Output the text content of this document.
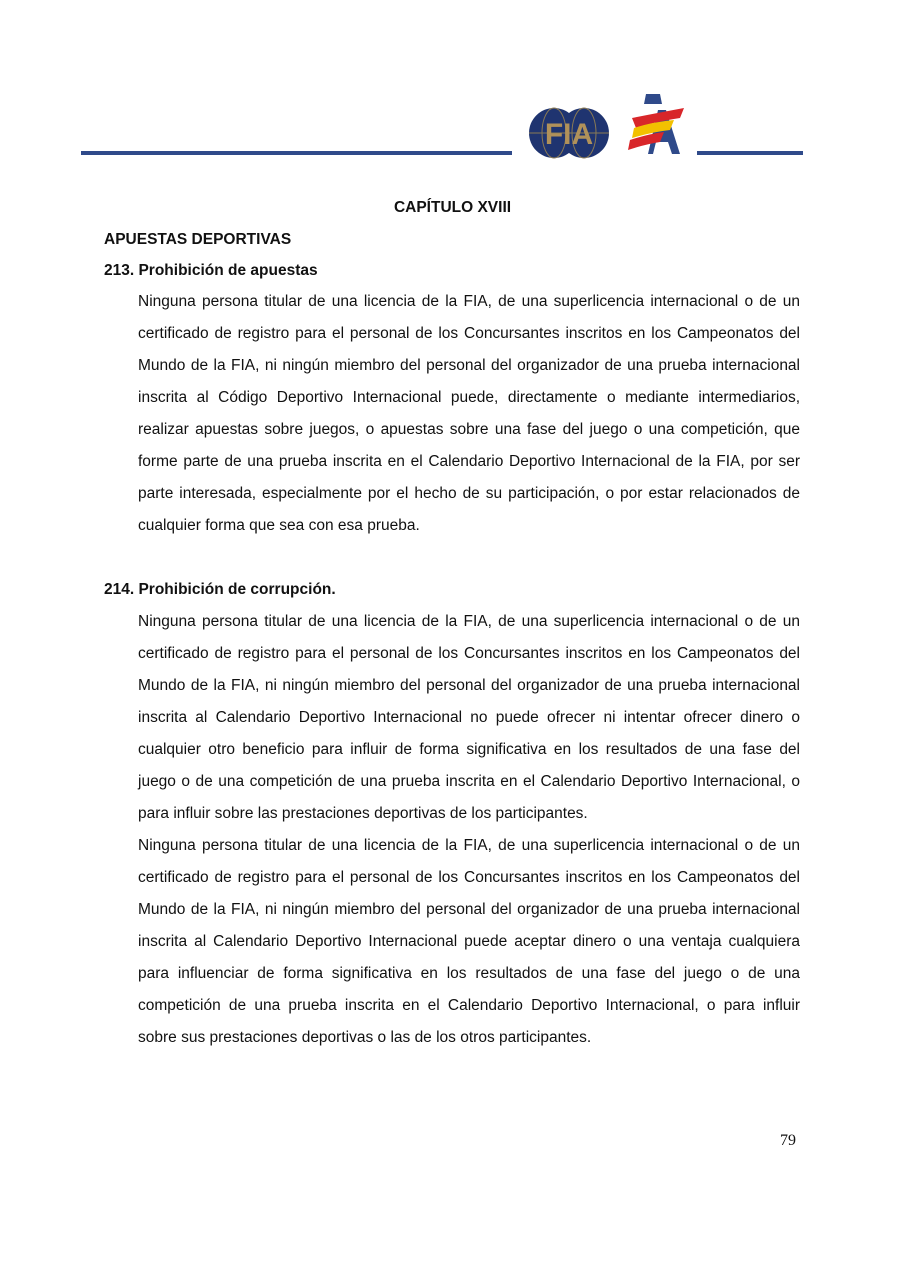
FIA
CAPÍTULO XVIII
APUESTAS DEPORTIVAS
213. Prohibición de apuestas
Ninguna persona titular de una licencia de la FIA, de una superlicencia internacional o de un
certificado de registro para el personal de los Concursantes inscritos en los Campeonatos del
Mundo de la FIA, ni ningún miembro del personal del organizador de una prueba internacional
inscrita al Código Deportivo Internacional puede, directamente o mediante intermediarios,
realizar apuestas sobre juegos, o apuestas sobre una fase del juego o una competición, que
forme parte de una prueba inscrita en el Calendario Deportivo Internacional de la FIA, por ser
parte interesada, especialmente por el hecho de su participación, o por estar relacionados de
cualquier forma que sea con esa prueba.
214. Prohibición de corrupción.
Ninguna persona titular de una licencia de la FIA, de una superlicencia internacional o de un
certificado de registro para el personal de los Concursantes inscritos en los Campeonatos del
Mundo de la FIA, ni ningún miembro del personal del organizador de una prueba internacional
inscrita al Calendario Deportivo Internacional no puede ofrecer ni intentar ofrecer dinero o
cualquier otro beneficio para influir de forma significativa en los resultados de una fase del
juego o de una competición de una prueba inscrita en el Calendario Deportivo Internacional, o
para influir sobre las prestaciones deportivas de los participantes.
Ninguna persona titular de una licencia de la FIA, de una superlicencia internacional o de un
certificado de registro para el personal de los Concursantes inscritos en los Campeonatos del
Mundo de la FIA, ni ningún miembro del personal del organizador de una prueba internacional
inscrita al Calendario Deportivo Internacional puede aceptar dinero o una ventaja cualquiera
para influenciar de forma significativa en los resultados de una fase del juego o de una
competición de una prueba inscrita en el Calendario Deportivo Internacional, o para influir
sobre sus prestaciones deportivas o las de los otros participantes.
79
